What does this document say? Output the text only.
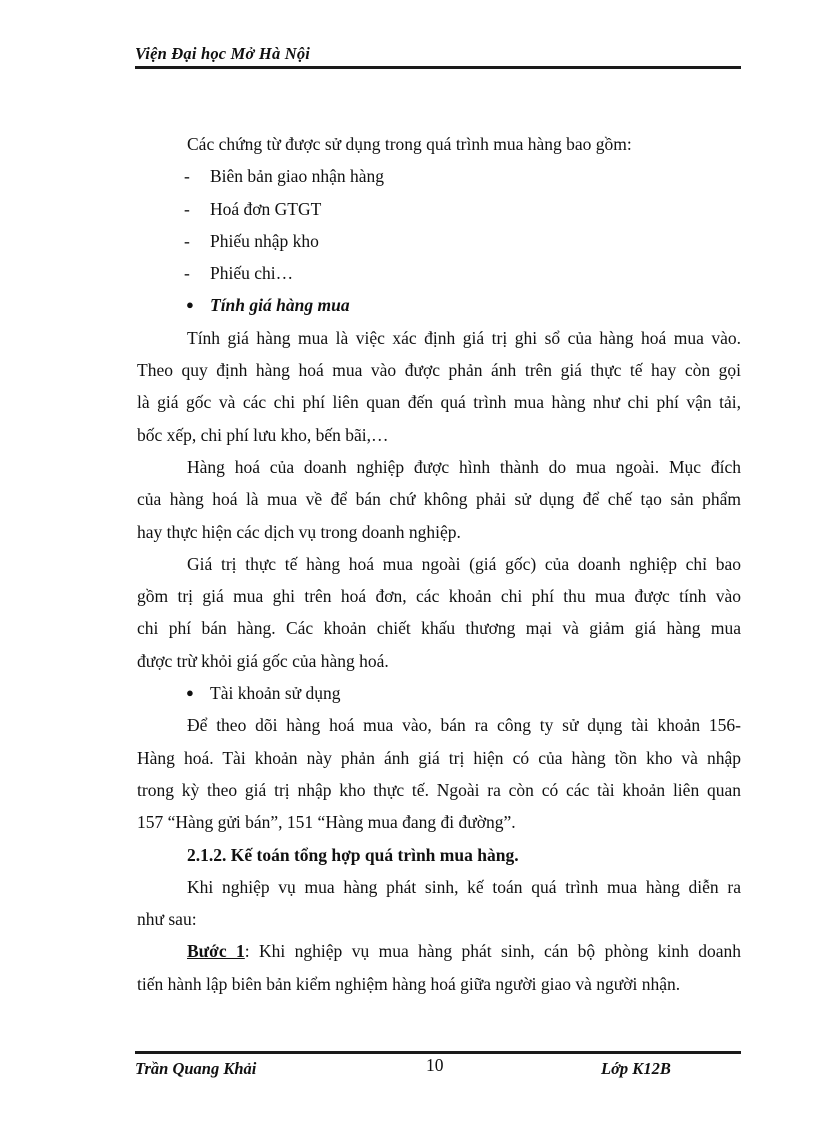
Viện Đại học Mở Hà Nội
Các chứng từ được sử dụng trong quá trình mua hàng bao gồm:
- Biên bản giao nhận hàng
- Hoá đơn GTGT
- Phiếu nhập kho
- Phiếu chi…
● Tính giá hàng mua
Tính giá hàng mua là việc xác định giá trị ghi sổ của hàng hoá mua vào.
Theo quy định hàng hoá mua vào được phản ánh trên giá thực tế hay còn gọi
là giá gốc và các chi phí liên quan đến quá trình mua hàng như chi phí vận tải,
bốc xếp, chi phí lưu kho, bến bãi,…
Hàng hoá của doanh nghiệp được hình thành do mua ngoài. Mục đích
của hàng hoá là mua về để bán chứ không phải sử dụng để chế tạo sản phẩm
hay thực hiện các dịch vụ trong doanh nghiệp.
Giá trị thực tế hàng hoá mua ngoài (giá gốc) của doanh nghiệp chỉ bao
gồm trị giá mua ghi trên hoá đơn, các khoản chi phí thu mua được tính vào
chi phí bán hàng. Các khoản chiết khấu thương mại và giảm giá hàng mua
được trừ khỏi giá gốc của hàng hoá.
● Tài khoản sử dụng
Để theo dõi hàng hoá mua vào, bán ra công ty sử dụng tài khoản 156-
Hàng hoá. Tài khoản này phản ánh giá trị hiện có của hàng tồn kho và nhập
trong kỳ theo giá trị nhập kho thực tế. Ngoài ra còn có các tài khoản liên quan
157 “Hàng gửi bán”, 151 “Hàng mua đang đi đường”.
2.1.2. Kế toán tổng hợp quá trình mua hàng.
Khi nghiệp vụ mua hàng phát sinh, kế toán quá trình mua hàng diễn ra
như sau:
Bước 1: Khi nghiệp vụ mua hàng phát sinh, cán bộ phòng kinh doanh
tiến hành lập biên bản kiểm nghiệm hàng hoá giữa người giao và người nhận.
Trần Quang Khải	10	Lớp K12B
